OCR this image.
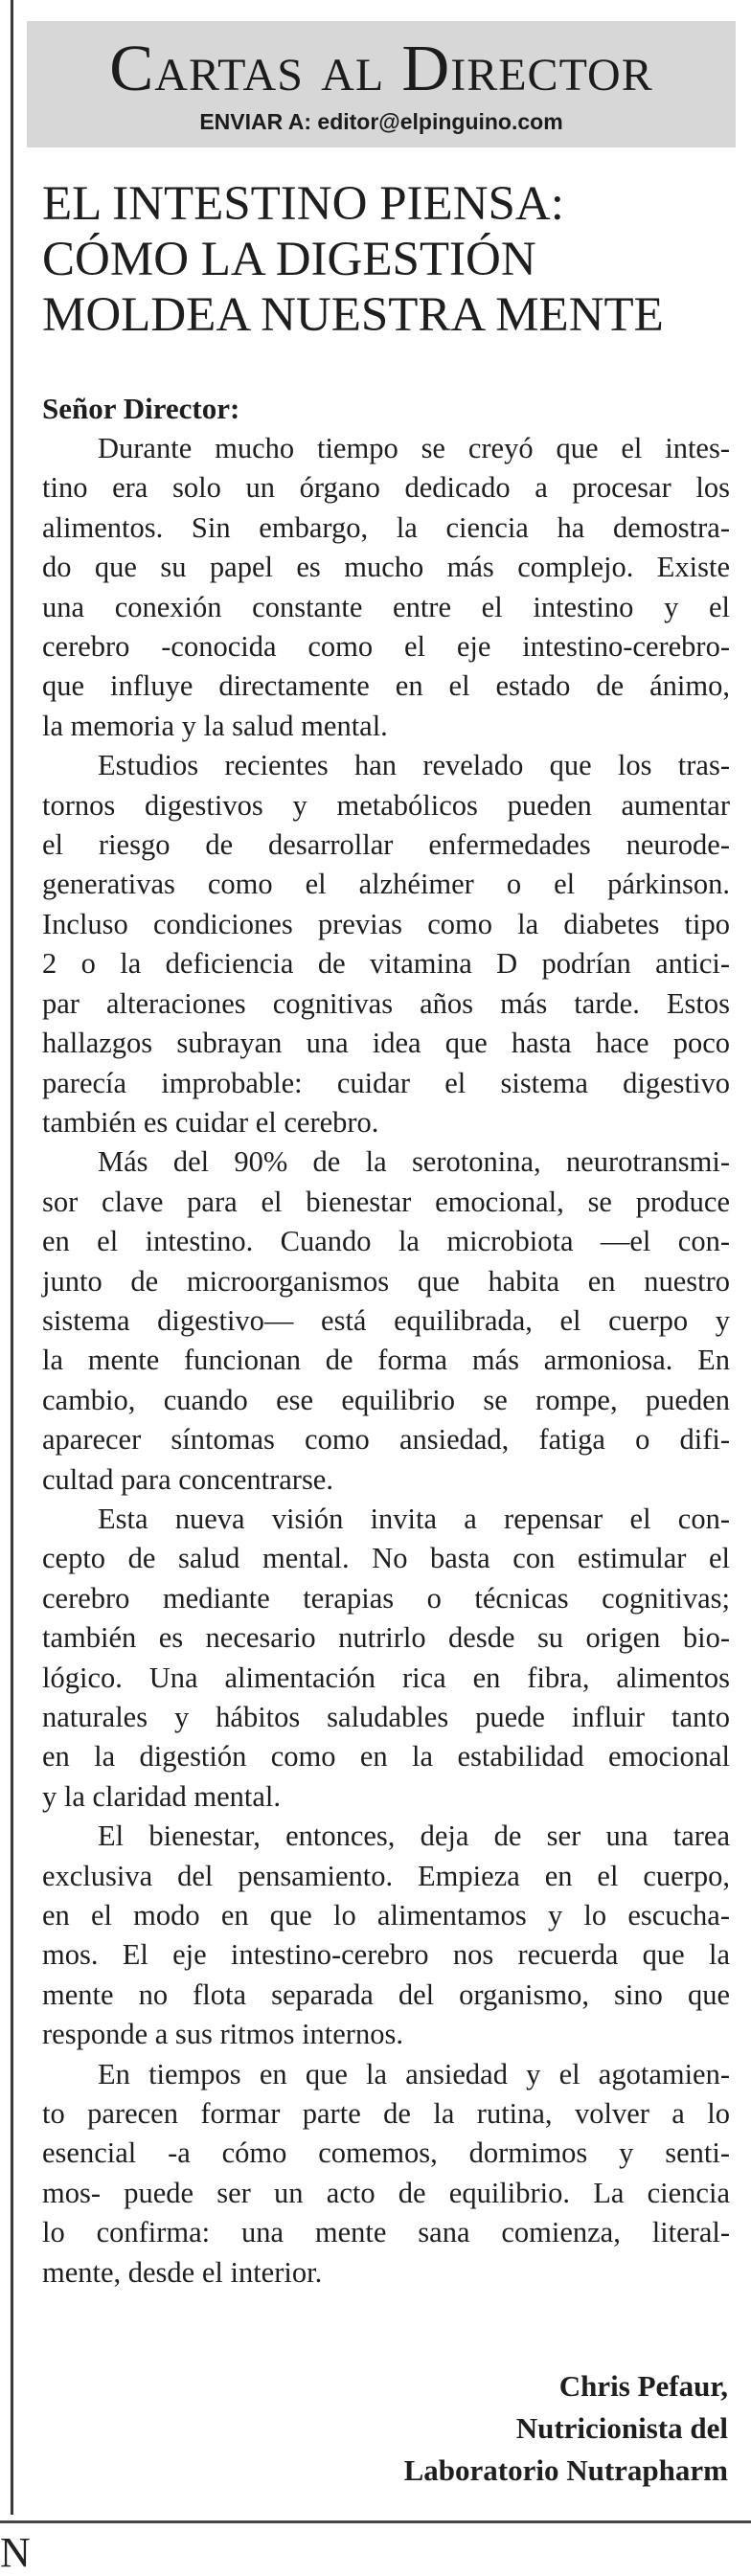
Cartas al Director
ENVIAR A: editor@elpinguino.com
EL INTESTINO PIENSA:
CÓMO LA DIGESTIÓN
MOLDEA NUESTRA MENTE

Señor Director:

Durante mucho tiempo se creyó que el intes-
tino era solo un órgano dedicado a procesar los
alimentos. Sin embargo, la ciencia ha demostra-
do que su papel es mucho más complejo. Existe
una conexión constante entre el intestino y el
cerebro -conocida como el eje intestino-cerebro-
que influye directamente en el estado de ánimo,
la memoria y la salud mental.

Estudios recientes han revelado que los tras-
tornos digestivos y metabólicos pueden aumentar
el riesgo de desarrollar enfermedades neurode-
generativas como el alzhéimer o el párkinson.
Incluso condiciones previas como la diabetes tipo
2 o la deficiencia de vitamina D podrían antici-
par alteraciones cognitivas años más tarde. Estos
hallazgos subrayan una idea que hasta hace poco
parecía improbable: cuidar el sistema digestivo
también es cuidar el cerebro.

Más del 90% de la serotonina, neurotransmi-
sor clave para el bienestar emocional, se produce
en el intestino. Cuando la microbiota —el con-
junto de microorganismos que habita en nuestro
sistema digestivo— está equilibrada, el cuerpo y
la mente funcionan de forma más armoniosa. En
cambio, cuando ese equilibrio se rompe, pueden
aparecer síntomas como ansiedad, fatiga o difi-
cultad para concentrarse.

Esta nueva visión invita a repensar el con-
cepto de salud mental. No basta con estimular el
cerebro mediante terapias o técnicas cognitivas;
también es necesario nutrirlo desde su origen bio-
lógico. Una alimentación rica en fibra, alimentos
naturales y hábitos saludables puede influir tanto
en la digestión como en la estabilidad emocional
y la claridad mental.

El bienestar, entonces, deja de ser una tarea
exclusiva del pensamiento. Empieza en el cuerpo,
en el modo en que lo alimentamos y lo escucha-
mos. El eje intestino-cerebro nos recuerda que la
mente no flota separada del organismo, sino que
responde a sus ritmos internos.

En tiempos en que la ansiedad y el agotamien-
to parecen formar parte de la rutina, volver a lo
esencial -a cómo comemos, dormimos y senti-
mos- puede ser un acto de equilibrio. La ciencia
lo confirma: una mente sana comienza, literal-
mente, desde el interior.

Chris Pefaur,
Nutricionista del
Laboratorio Nutrapharm
N
